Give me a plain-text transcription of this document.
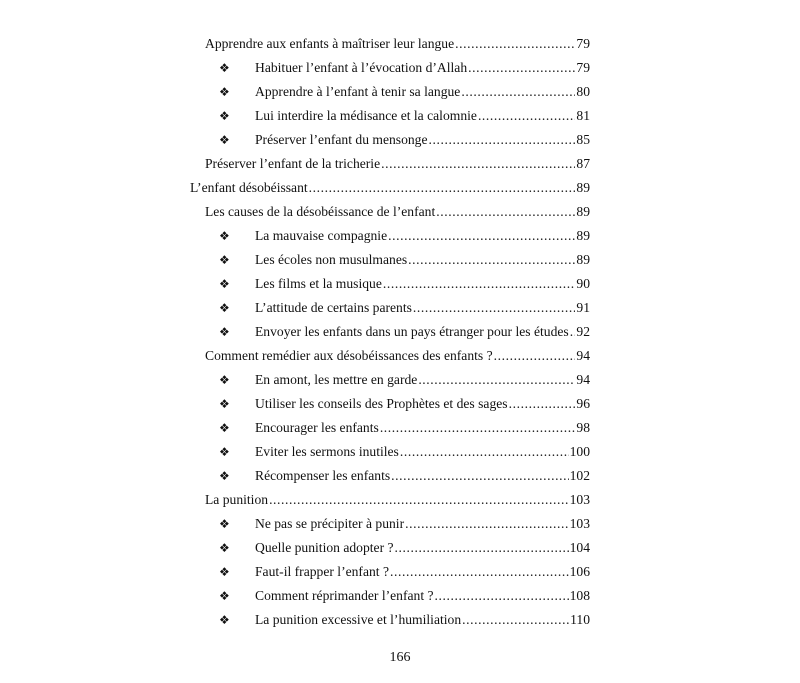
Apprendre aux enfants à maîtriser leur langue .....	79
❖ Habituer l’enfant à l’évocation d’Allah .....	79
❖ Apprendre à l’enfant à tenir sa langue .....	80
❖ Lui interdire la médisance et la calomnie .....	81
❖ Préserver l’enfant du mensonge .....	85
Préserver l’enfant de la tricherie .....	87
L’enfant désobéissant .....	89
Les causes de la désobéissance de l’enfant .....	89
❖ La mauvaise compagnie .....	89
❖ Les écoles non musulmanes .....	89
❖ Les films et la musique .....	90
❖ L’attitude de certains parents .....	91
❖ Envoyer les enfants dans un pays étranger pour les études ..... 92
Comment remédier aux désobéissances des enfants ? .....	94
❖ En amont, les mettre en garde .....	94
❖ Utiliser les conseils des Prophètes et des sages .....	96
❖ Encourager les enfants .....	98
❖ Eviter les sermons inutiles .....	100
❖ Récompenser les enfants .....	102
La punition .....	103
❖ Ne pas se précipiter à punir .....	103
❖ Quelle punition adopter ? .....	104
❖ Faut-il frapper l’enfant ? .....	106
❖ Comment réprimander l’enfant ? .....	108
❖ La punition excessive et l’humiliation .....	110
166
